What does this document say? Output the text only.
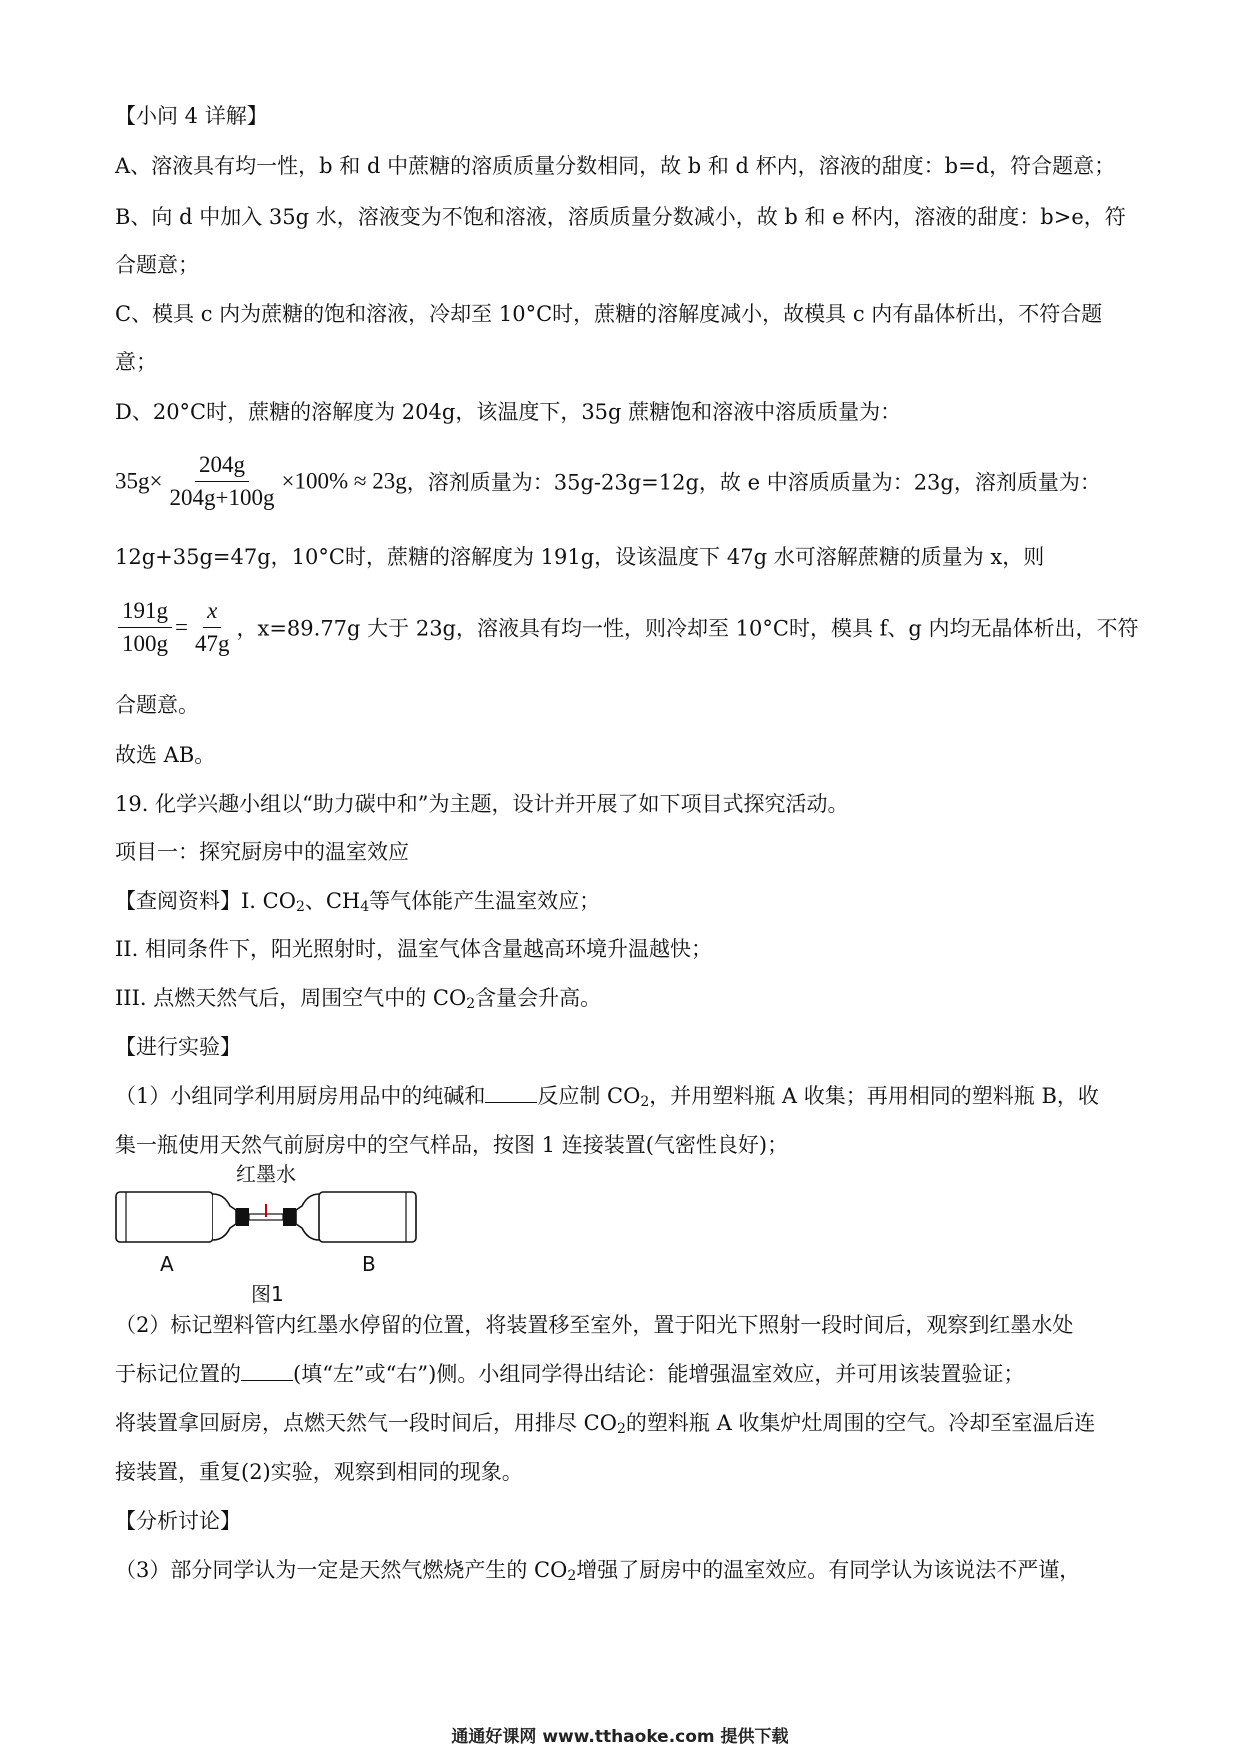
【小问 4 详解】
A、溶液具有均一性，b 和 d 中蔗糖的溶质质量分数相同，故 b 和 d 杯内，溶液的甜度：b=d，符合题意；
B、向 d 中加入 35g 水，溶液变为不饱和溶液，溶质质量分数减小，故 b 和 e 杯内，溶液的甜度：b>e，符
合题意；
C、模具 c 内为蔗糖的饱和溶液，冷却至 10°C时，蔗糖的溶解度减小，故模具 c 内有晶体析出，不符合题
意；
D、20°C时，蔗糖的溶解度为 204g，该温度下，35g 蔗糖饱和溶液中溶质质量为：
$35g\times \frac{204g}{204g+100g} \times 100\% \approx 23g$，溶剂质量为：35g-23g=12g，故 e 中溶质质量为：23g，溶剂质量为：
12g+35g=47g，10°C时，蔗糖的溶解度为 191g，设该温度下 47g 水可溶解蔗糖的质量为 x，则
$\frac{191g}{100g} = \frac{x}{47g}$ ，x=89.77g 大于 23g，溶液具有均一性，则冷却至 10°C时，模具 f、g 内均无晶体析出，不符
合题意。
故选 AB。
19. 化学兴趣小组以“助力碳中和”为主题，设计并开展了如下项目式探究活动。
项目一：探究厨房中的温室效应
【查阅资料】I. $CO_2$、$CH_4$等气体能产生温室效应；
II. 相同条件下，阳光照射时，温室气体含量越高环境升温越快；
III. 点燃天然气后，周围空气中的 $CO_2$含量会升高。
【进行实验】
（1）小组同学利用厨房用品中的纯碱和 反应制 $CO_2$，并用塑料瓶 A 收集；再用相同的塑料瓶 B，收
集一瓶使用天然气前厨房中的空气样品，按图 1 连接装置(气密性良好)；
红墨水
A	B
图1
（2）标记塑料管内红墨水停留的位置，将装置移至室外，置于阳光下照射一段时间后，观察到红墨水处
于标记位置的 (填“左”或“右”)侧。小组同学得出结论：能增强温室效应，并可用该装置验证；
将装置拿回厨房，点燃天然气一段时间后，用排尽 $CO_2$的塑料瓶 A 收集炉灶周围的空气。冷却至室温后连
接装置，重复(2)实验，观察到相同的现象。
【分析讨论】
（3）部分同学认为一定是天然气燃烧产生的 $CO_2$增强了厨房中的温室效应。有同学认为该说法不严谨，
通通好课网 www.tthaoke.com 提供下载
